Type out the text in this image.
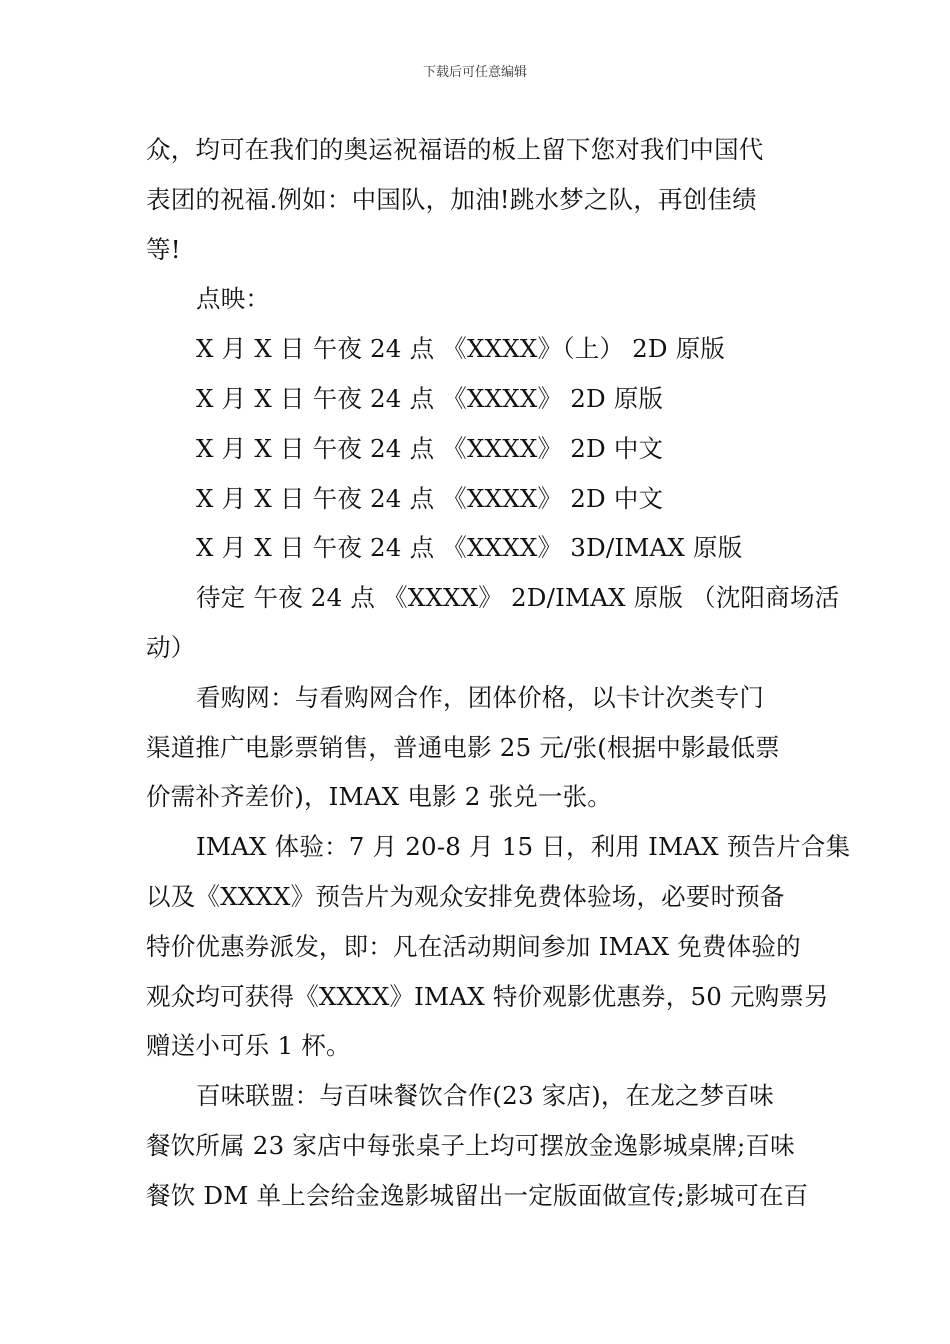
下载后可任意编辑

众，均可在我们的奥运祝福语的板上留下您对我们中国代
表团的祝福.例如：中国队，加油!跳水梦之队，再创佳绩
等!

点映：

X 月 X 日 午夜 24 点 《XXXX》（上） 2D 原版

X 月 X 日 午夜 24 点 《XXXX》 2D 原版

X 月 X 日 午夜 24 点 《XXXX》 2D 中文

X 月 X 日 午夜 24 点 《XXXX》 2D 中文

X 月 X 日 午夜 24 点 《XXXX》 3D/IMAX 原版

待定 午夜 24 点 《XXXX》 2D/IMAX 原版 （沈阳商场活
动）

看购网：与看购网合作，团体价格，以卡计次类专门
渠道推广电影票销售，普通电影 25 元/张(根据中影最低票
价需补齐差价)，IMAX 电影 2 张兑一张。

IMAX 体验：7 月 20-8 月 15 日，利用 IMAX 预告片合集
以及《XXXX》预告片为观众安排免费体验场，必要时预备
特价优惠券派发，即：凡在活动期间参加 IMAX 免费体验的
观众均可获得《XXXX》IMAX 特价观影优惠券，50 元购票另
赠送小可乐 1 杯。

百味联盟：与百味餐饮合作(23 家店)，在龙之梦百味
餐饮所属 23 家店中每张桌子上均可摆放金逸影城桌牌;百味
餐饮 DM 单上会给金逸影城留出一定版面做宣传;影城可在百
